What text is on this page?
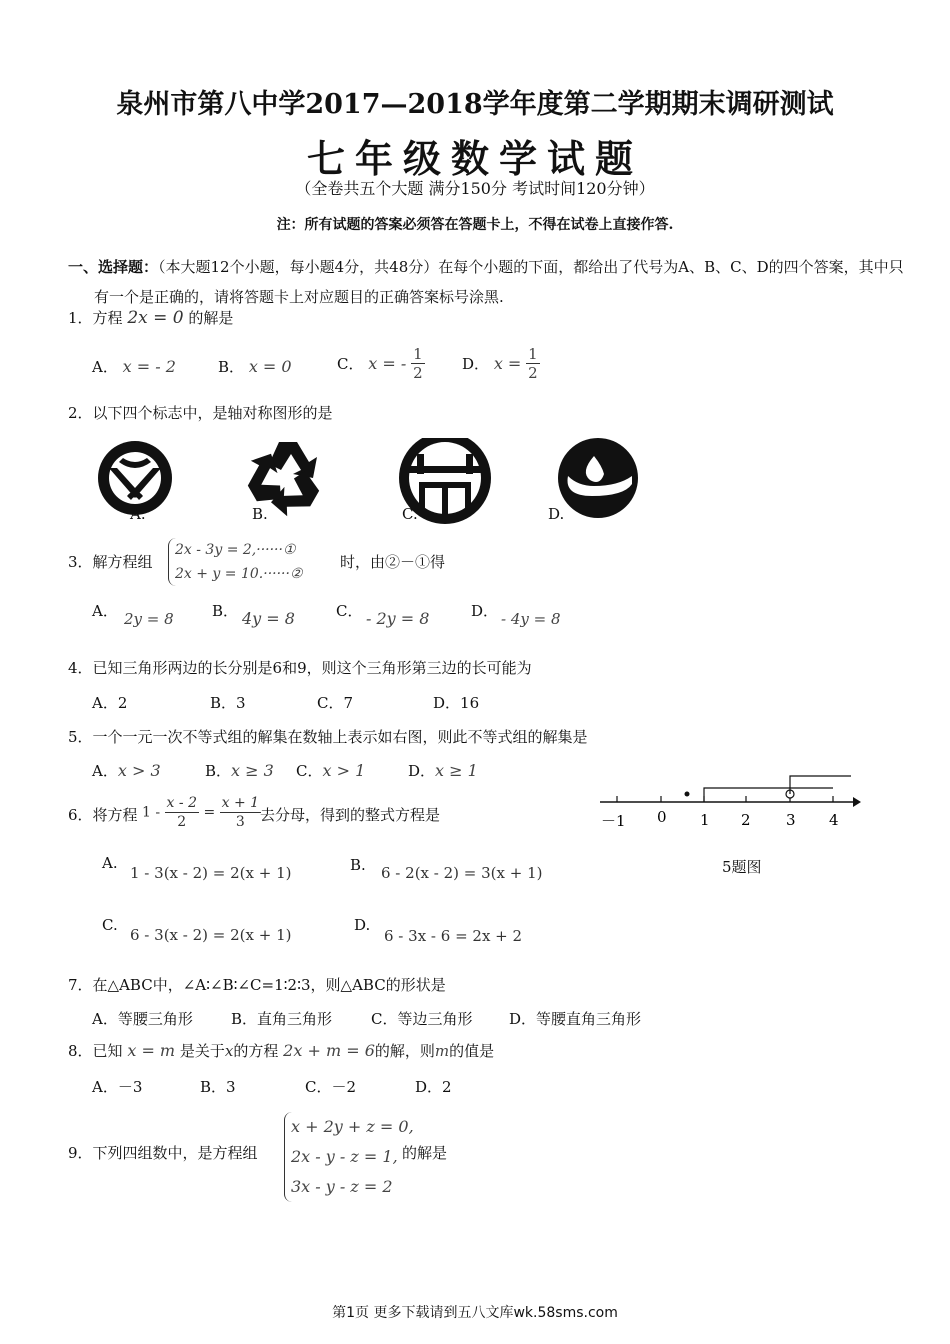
泉州市第八中学2017—2018学年度第二学期期末调研测试
七年级数学试题
（全卷共五个大题 满分150分 考试时间120分钟）
注：所有试题的答案必须答在答题卡上，不得在试卷上直接作答.
一、选择题：（本大题12个小题，每小题4分，共48分）在每个小题的下面，都给出了代号为A、B、C、D的四个答案，其中只有一个是正确的，请将答题卡上对应题目的正确答案标号涂黑.
1．方程 2x = 0 的解是
A． x = - 2	B． x = 0	C． x = - $\frac{1}{2}$ D． $x = \frac{1}{2}$
2．以下四个标志中，是轴对称图形的是
A.	B.	C.	D.
3．解方程组
2x - 3y = 2,······①
2x + y = 10.······②
时，由②－①得
A． 2y = 8	B． 4y = 8	C． - 2y = 8	D． - 4y = 8
4．已知三角形两边的长分别是6和9，则这个三角形第三边的长可能为
A．2	B．3	C．7	D．16
5．一个一元一次不等式组的解集在数轴上表示如右图，则此不等式组的解集是
A．x > 3	B．x ≥ 3 C．x > 1	D．x ≥ 1
－1 0 1 2 3 4
5题图
6．将方程 $1 - \frac{x - 2}{2} = \frac{x + 1}{3}$
去分母，得到的整式方程是
A.
1 - 3(x - 2) = 2(x + 1)	B. 6 - 2(x - 2) = 3(x + 1)
C.
6 - 3(x - 2) = 2(x + 1)
D.
6 - 3x - 6 = 2x + 2
7．在△ABC中，∠A∶∠B∶∠C=1∶2∶3，则△ABC的形状是
A．等腰三角形	B．直角三角形	C．等边三角形 D．等腰直角三角形
8．已知 x = m 是关于x的方程 2x + m = 6的解，则m的值是
A．－3	B．3	C．－2	D．2
9．下列四组数中，是方程组
x + 2y + z = 0,
2x - y - z = 1,
3x - y - z = 2
的解是
第1页 更多下载请到五八文库wk.58sms.com
